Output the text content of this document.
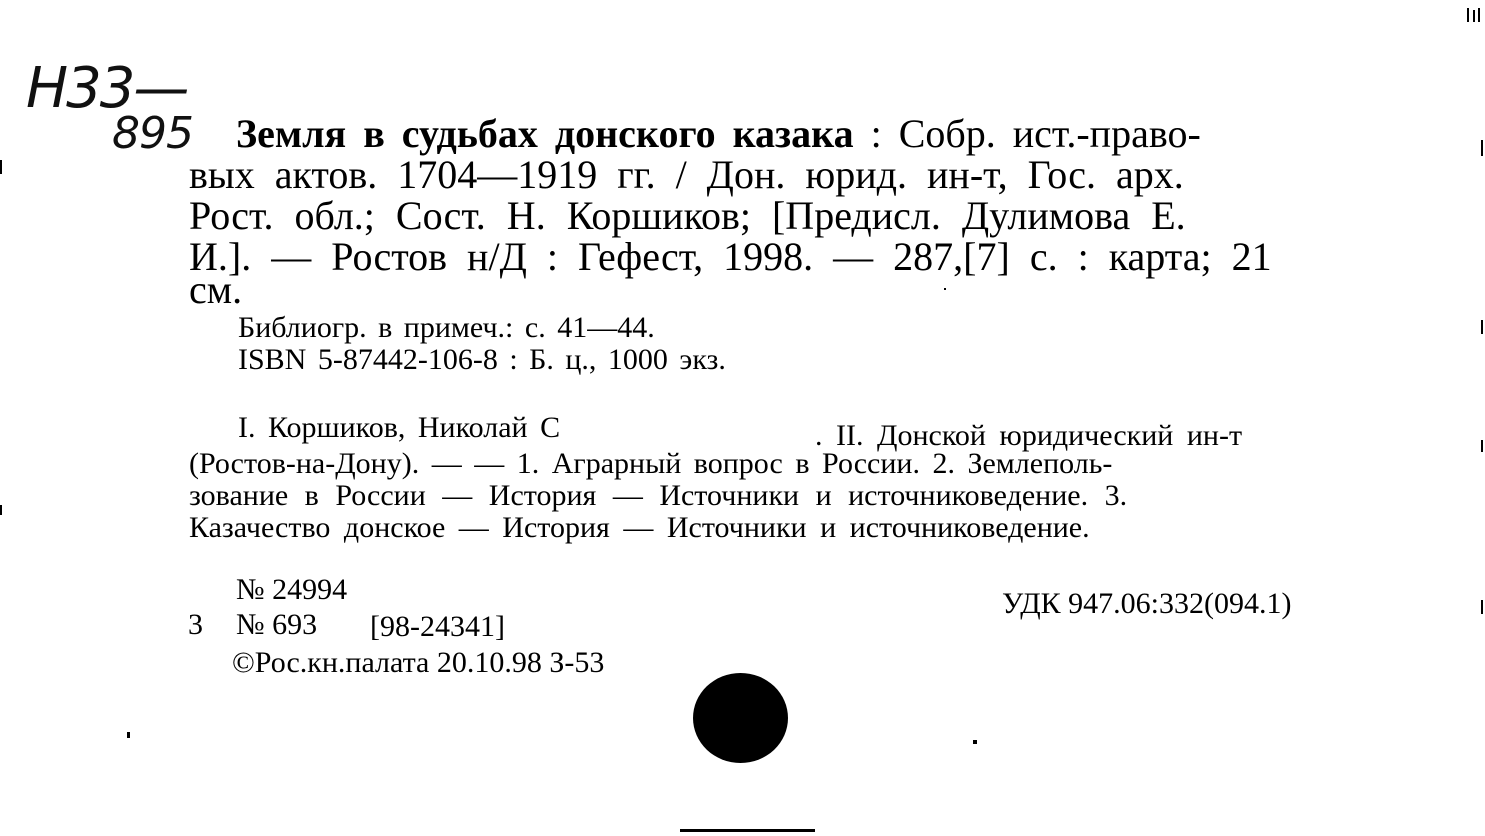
Н33—
895 Земля в судьбах донского казака : Собр. ист.-право-
вых актов. 1704—1919 гг. / Дон. юрид. ин-т, Гос. арх.
Рост. обл.; Сост. Н. Коршиков; [Предисл. Дулимова Е.
И.]. — Ростов н/Д : Гефест, 1998. — 287,[7] с. : карта; 21
см.
Библиогр. в примеч.: с. 41—44.
ISBN 5-87442-106-8 : Б. ц., 1000 экз.
I. Коршиков, Николай С	. II. Донской юридический ин-т
(Ростов-на-Дону). — — 1. Аграрный вопрос в России. 2. Землеполь-
зование в России — История — Источники и источниковедение. 3.
Казачество донское — История — Источники и источниковедение.
№ 24994
3 № 693 [98-24341]
©Рос.кн.палата 20.10.98 З-53
УДК 947.06:332(094.1)
